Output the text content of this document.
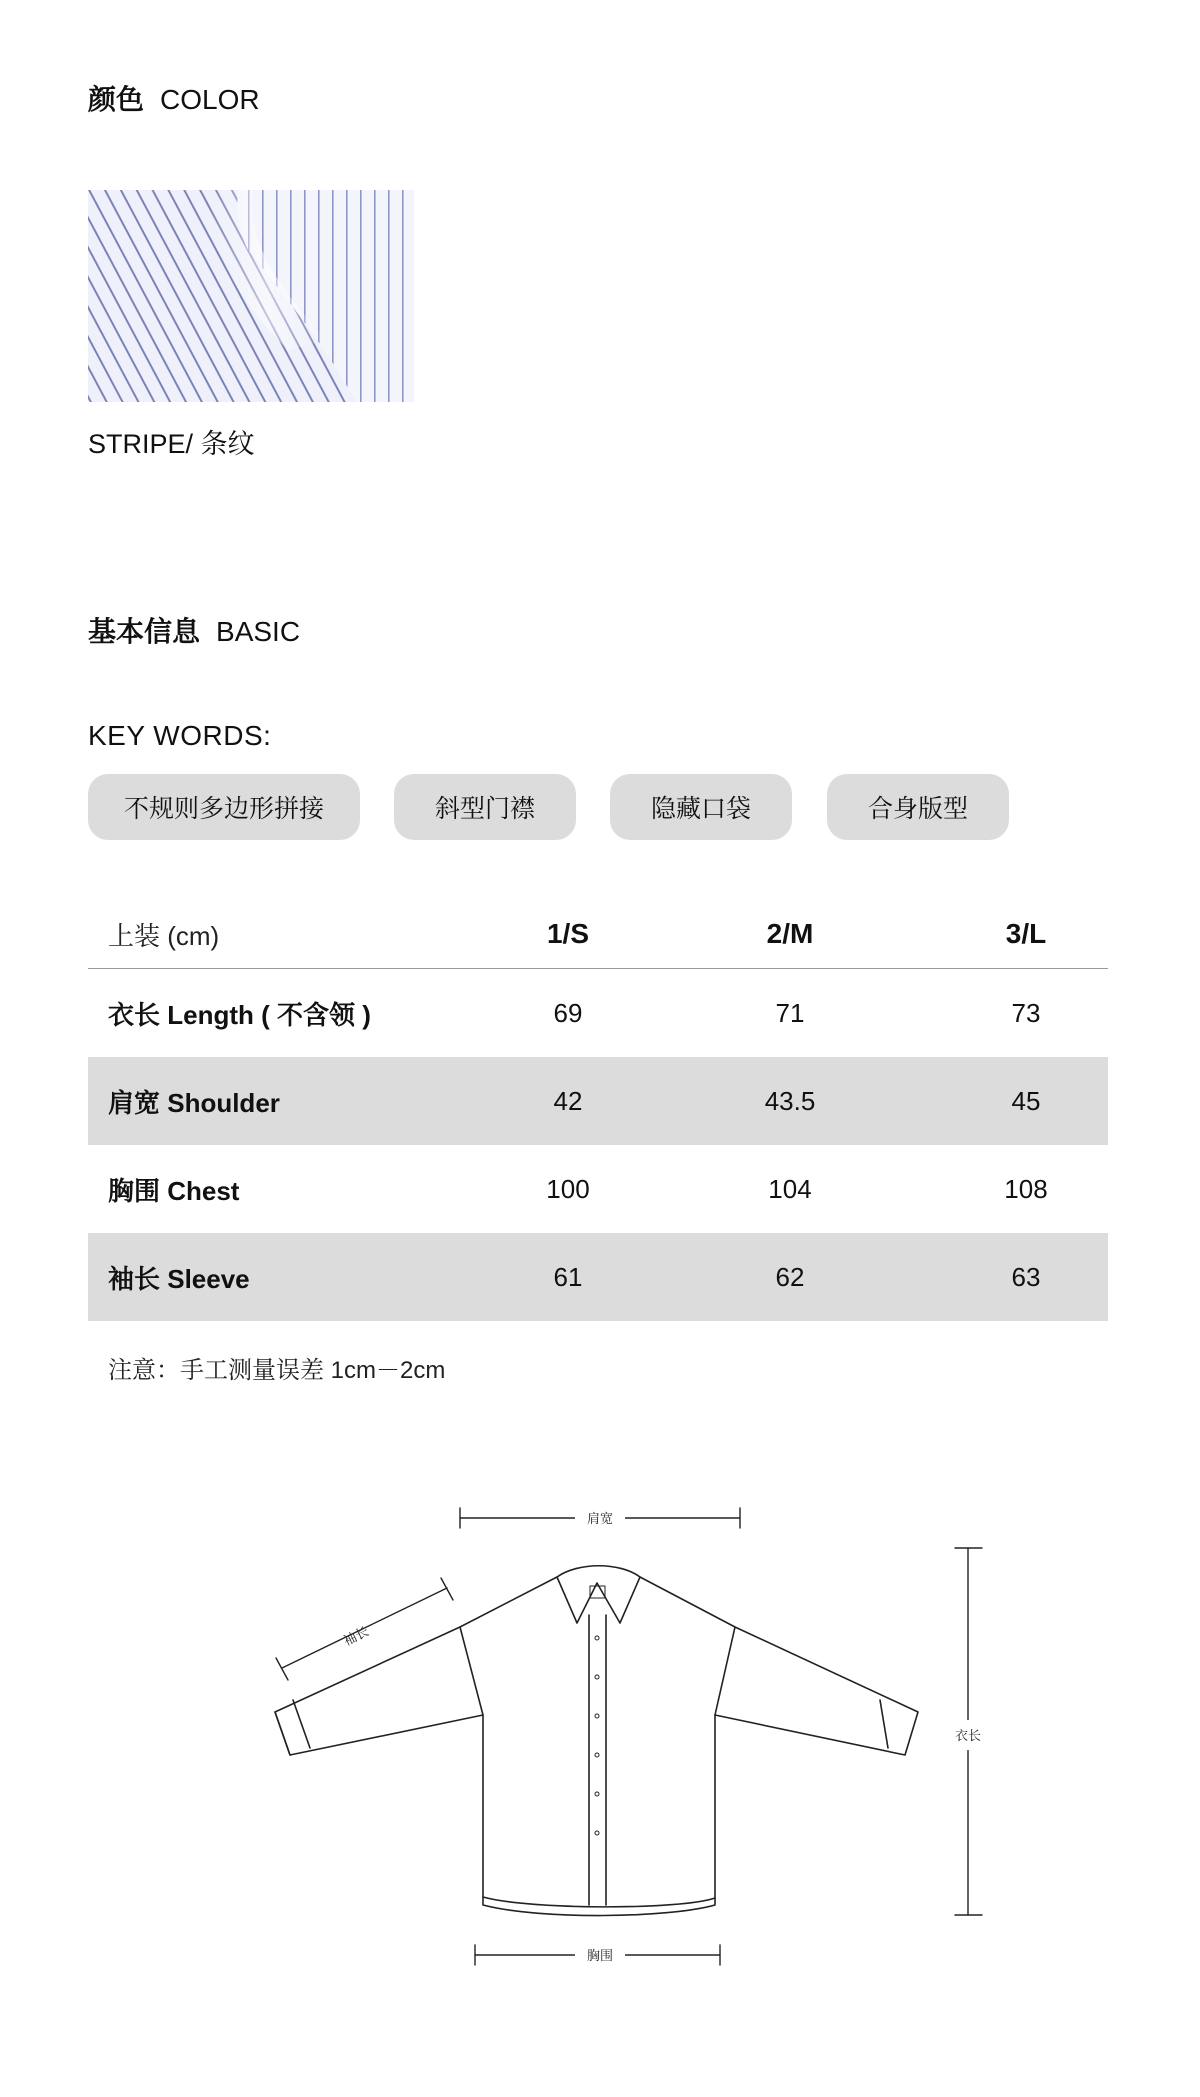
颜色 COLOR
STRIPE/ 条纹
基本信息 BASIC
KEY WORDS:
不规则多边形拼接	斜型门襟	隐藏口袋	合身版型
上装 (cm)	1/S	2/M	3/L
衣长 Length ( 不含领 )	69	71	73
肩宽 Shoulder	42	43.5	45
胸围 Chest	100	104	108
袖长 Sleeve	61	62	63
注意：手工测量误差 1cm－2cm
肩宽
衣长
胸围
袖长
